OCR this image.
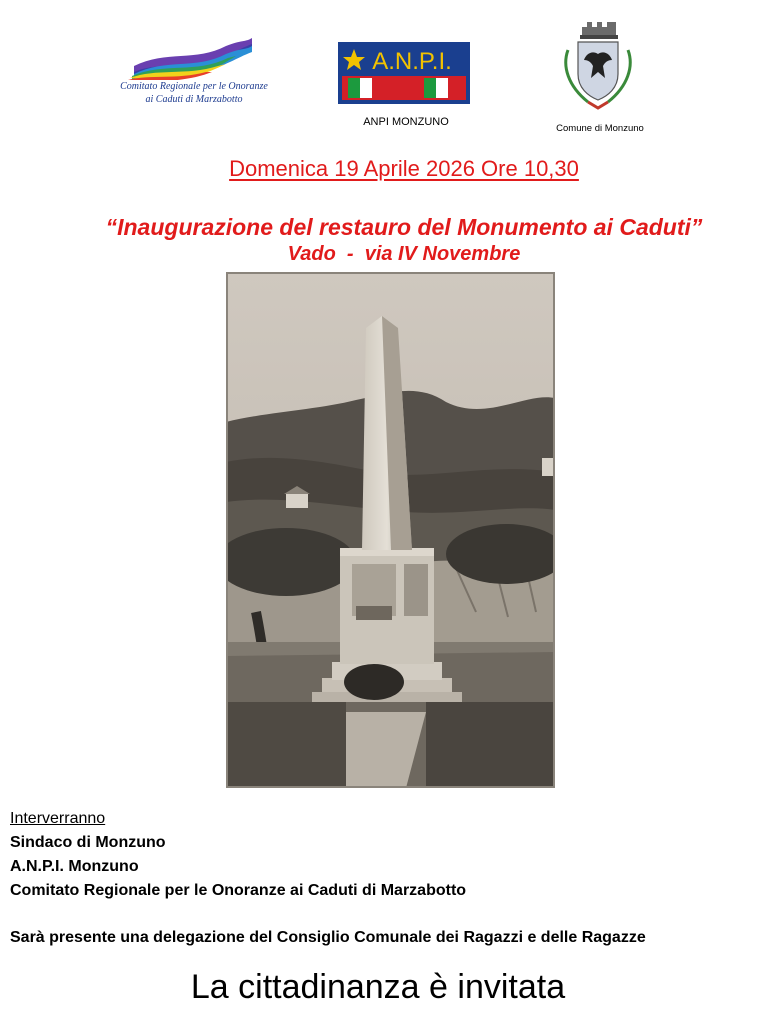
Comitato Regionale per le Onoranze
ai Caduti di Marzabotto
A.N.P.I.
ANPI MONZUNO
Comune di Monzuno
Domenica 19 Aprile 2026 Ore 10,30
“Inaugurazione del restauro del Monumento ai Caduti”
Vado  -  via IV Novembre
Interverranno
Sindaco di Monzuno
A.N.P.I. Monzuno
Comitato Regionale per le Onoranze ai Caduti di Marzabotto
Sarà presente una delegazione del Consiglio Comunale dei Ragazzi e delle Ragazze
La cittadinanza è invitata
